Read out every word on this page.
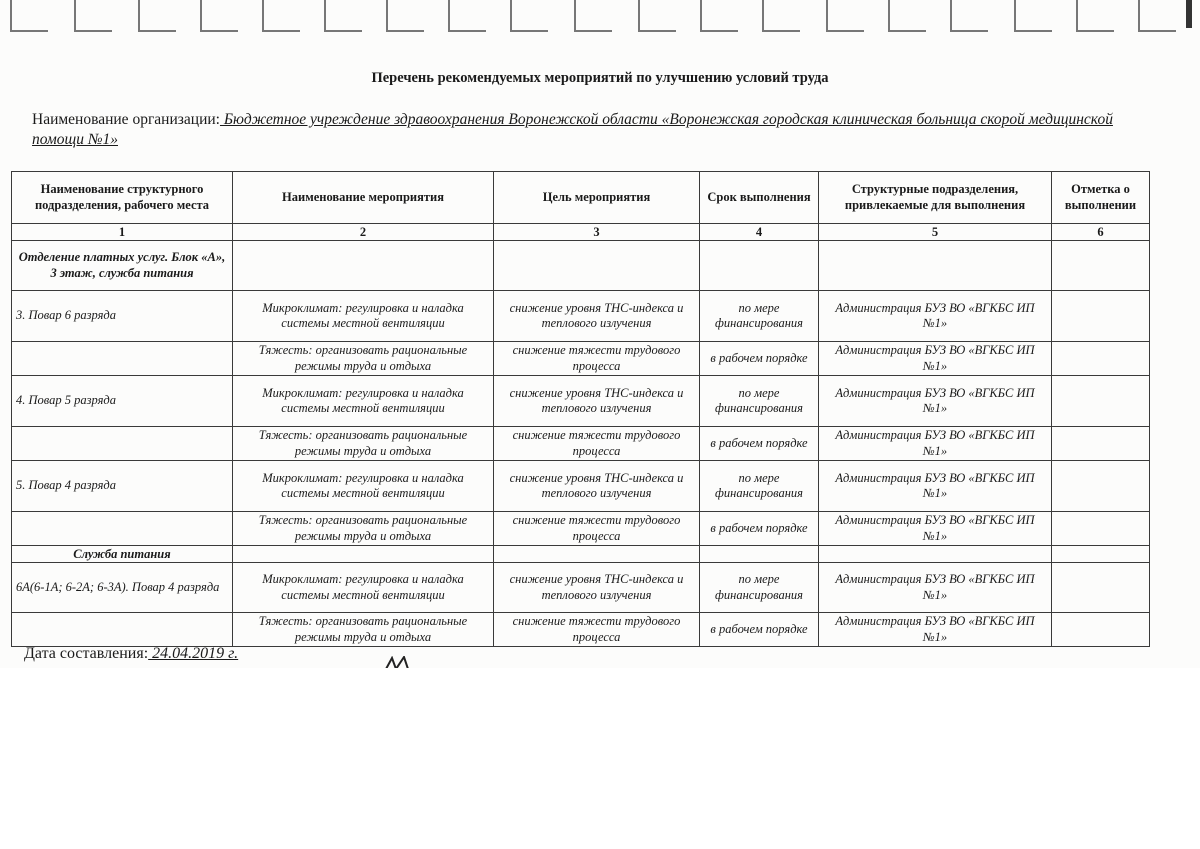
Перечень рекомендуемых мероприятий по улучшению условий труда
Наименование организации: Бюджетное учреждение здравоохранения Воронежской области «Воронежская городская клиническая больница скорой медицинской помощи №1»
Наименование структурного подразделения, рабочего места	Наименование мероприятия	Цель мероприятия	Срок выполнения	Структурные подразделения, привлекаемые для выполнения	Отметка о выполнении
1	2	3	4	5	6
Отделение платных услуг. Блок «А», 3 этаж, служба питания					
3. Повар 6 разряда	Микроклимат: регулировка и наладка системы местной вентиляции	снижение уровня ТНС-индекса и теплового излучения	по мере финансирования	Администрация БУЗ ВО «ВГКБС ИП №1»	
	Тяжесть: организовать рациональные режимы труда и отдыха	снижение тяжести трудового процесса	в рабочем порядке	Администрация БУЗ ВО «ВГКБС ИП №1»	
4. Повар 5 разряда	Микроклимат: регулировка и наладка системы местной вентиляции	снижение уровня ТНС-индекса и теплового излучения	по мере финансирования	Администрация БУЗ ВО «ВГКБС ИП №1»	
	Тяжесть: организовать рациональные режимы труда и отдыха	снижение тяжести трудового процесса	в рабочем порядке	Администрация БУЗ ВО «ВГКБС ИП №1»	
5. Повар 4 разряда	Микроклимат: регулировка и наладка системы местной вентиляции	снижение уровня ТНС-индекса и теплового излучения	по мере финансирования	Администрация БУЗ ВО «ВГКБС ИП №1»	
	Тяжесть: организовать рациональные режимы труда и отдыха	снижение тяжести трудового процесса	в рабочем порядке	Администрация БУЗ ВО «ВГКБС ИП №1»	
Служба питания					
6А(6-1А; 6-2А; 6-3А). Повар 4 разряда	Микроклимат: регулировка и наладка системы местной вентиляции	снижение уровня ТНС-индекса и теплового излучения	по мере финансирования	Администрация БУЗ ВО «ВГКБС ИП №1»	
	Тяжесть: организовать рациональные режимы труда и отдыха	снижение тяжести трудового процесса	в рабочем порядке	Администрация БУЗ ВО «ВГКБС ИП №1»	
Дата составления: 24.04.2019 г.
